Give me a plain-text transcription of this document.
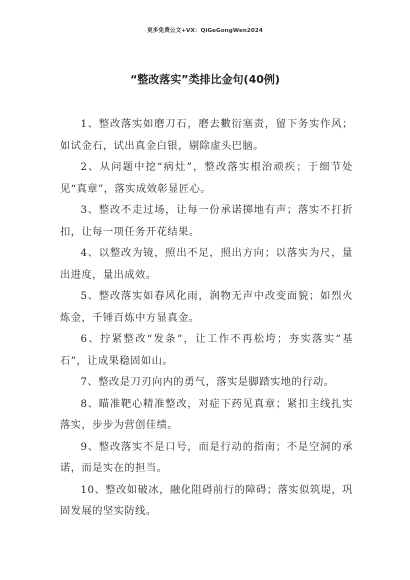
更多免费公文+VX：QiGeGongWen2024
“整改落实”类排比金句(40例)

1、整改落实如磨刀石，磨去數衍塞责，留下务实作风；如试金石，试出真金白银，剔除虚头巴脑。

2、从问题中挖“病灶”，整改落实根治顽疾；于细节处见“真章”，落实成效彰显匠心。

3、整改不走过场，让每一份承诺掷地有声；落实不打折扣，让每一项任务开花结果。

4、以整改为镜，照出不足，照出方向；以落实为尺，量出进度，量出成效。

5、整改落实如春风化雨，润物无声中改变面貌；如烈火炼金，千锤百炼中方显真金。

6、拧紧整改“发条”，让工作不再松垮；夯实落实“基石”，让成果稳固如山。

7、整改是刀刃向内的勇气，落实是脚踏实地的行动。

8、瞄准靶心精准整改，对症下药见真章；紧扣主线扎实落实，步步为营创佳绩。

9、整改落实不是口号，而是行动的指南；不是空洞的承诺，而是实在的担当。

10、整改如破冰，融化阻碍前行的障碍；落实似筑堤，巩固发展的坚实防线。
